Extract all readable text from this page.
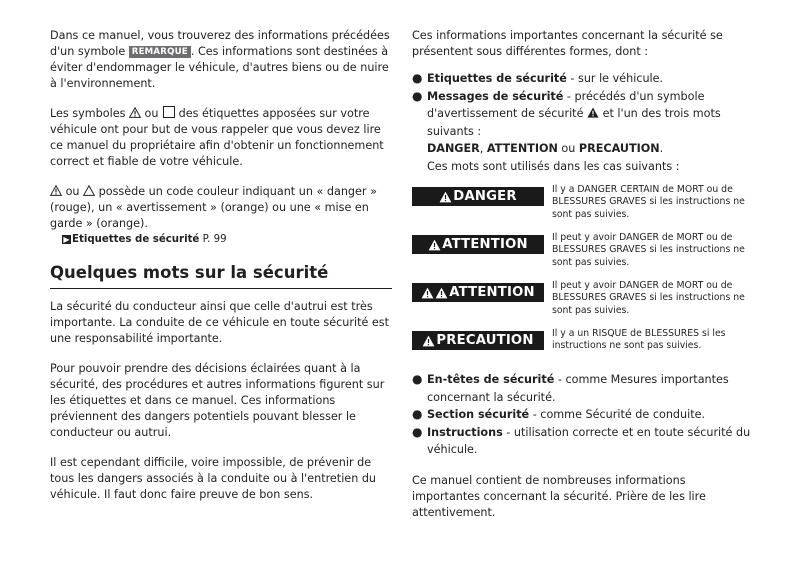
Dans ce manuel, vous trouverez des informations précédées d'un symbole REMARQUE . Ces informations sont destinées à éviter d'endommager le véhicule, d'autres biens ou de nuire à l'environnement.

Les symboles ou des étiquettes apposées sur votre véhicule ont pour but de vous rappeler que vous devez lire ce manuel du propriétaire afin d'obtenir un fonctionnement correct et fiable de votre véhicule.

ou possède un code couleur indiquant un « danger » (rouge), un « avertissement » (orange) ou une « mise en garde » (orange).

▶ Etiquettes de sécurité P. 99
Quelques mots sur la sécurité

La sécurité du conducteur ainsi que celle d'autrui est très importante. La conduite de ce véhicule en toute sécurité est une responsabilité importante.

Pour pouvoir prendre des décisions éclairées quant à la sécurité, des procédures et autres informations figurent sur les étiquettes et dans ce manuel. Ces informations préviennent des dangers potentiels pouvant blesser le conducteur ou autrui.

Il est cependant difficile, voire impossible, de prévenir de tous les dangers associés à la conduite ou à l'entretien du véhicule. Il faut donc faire preuve de bon sens.

Ces informations importantes concernant la sécurité se présentent sous différentes formes, dont :

● Etiquettes de sécurité - sur le véhicule.
● Messages de sécurité - précédés d'un symbole d'avertissement de sécurité  et l'un des trois mots suivants :
DANGER, ATTENTION ou PRECAUTION.
Ces mots sont utilisés dans les cas suivants :
DANGER	Il y a DANGER CERTAIN de MORT ou de BLESSURES GRAVES si les instructions ne sont pas suivies.
ATTENTION	Il peut y avoir DANGER de MORT ou de BLESSURES GRAVES si les instructions ne sont pas suivies.
ATTENTION Il peut y avoir DANGER de MORT ou de BLESSURES GRAVES si les instructions ne sont pas suivies.
PRECAUTION Il y a un RISQUE de BLESSURES si les instructions ne sont pas suivies.
● En-têtes de sécurité - comme Mesures importantes concernant la sécurité.
● Section sécurité - comme Sécurité de conduite.
● Instructions - utilisation correcte et en toute sécurité du véhicule.

Ce manuel contient de nombreuses informations importantes concernant la sécurité. Prière de les lire attentivement.
